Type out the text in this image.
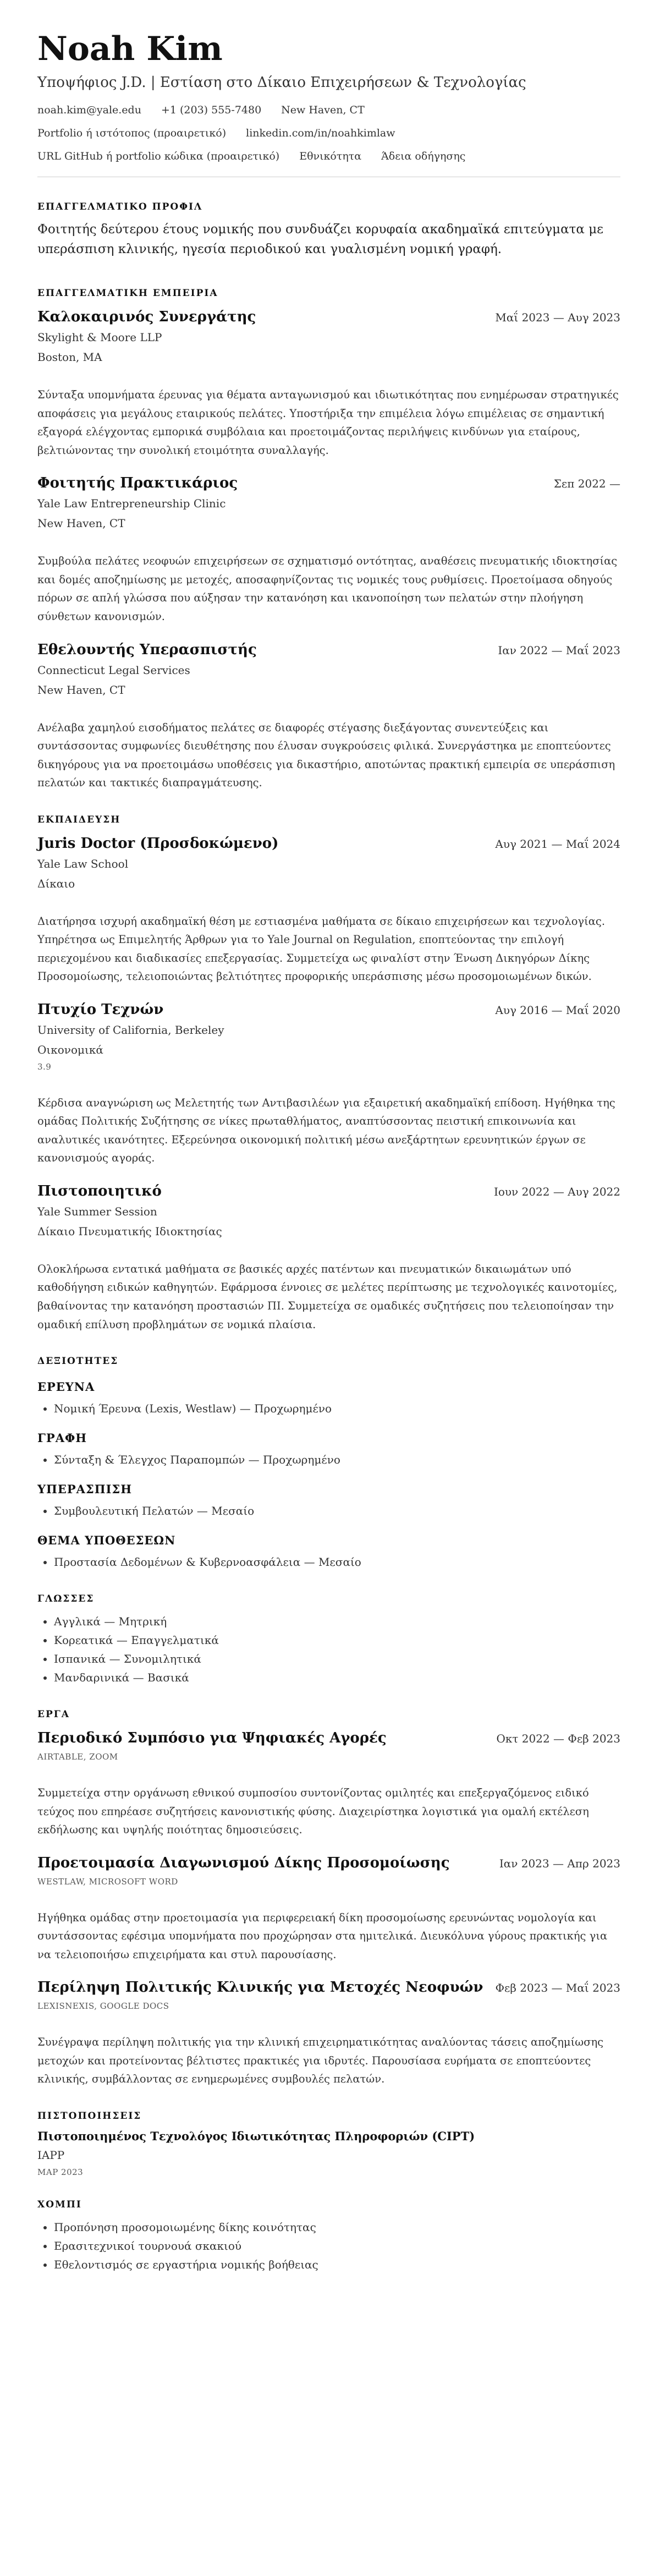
Noah Kim
Υποψήφιος J.D. | Εστίαση στο Δίκαιο Επιχειρήσεων & Τεχνολογίας
noah.kim@yale.edu +1 (203) 555-7480 New Haven, CT
Portfolio ή ιστότοπος (προαιρετικό) linkedin.com/in/noahkimlaw
URL GitHub ή portfolio κώδικα (προαιρετικό) Εθνικότητα Άδεια οδήγησης
ΕΠΑΓΓΕΛΜΑΤΙΚΟ ΠΡΟΦΙΛ
Φοιτητής δεύτερου έτους νομικής που συνδυάζει κορυφαία ακαδημαϊκά επιτεύγματα με υπεράσπιση κλινικής, ηγεσία περιοδικού και γυαλισμένη νομική γραφή.
ΕΠΑΓΓΕΛΜΑΤΙΚΗ ΕΜΠΕΙΡΙΑ
Καλοκαιρινός Συνεργάτης	Μαΐ 2023 — Αυγ 2023
Skylight & Moore LLP
Boston, MA
Σύνταξα υπομνήματα έρευνας για θέματα ανταγωνισμού και ιδιωτικότητας που ενημέρωσαν στρατηγικές αποφάσεις για μεγάλους εταιρικούς πελάτες. Υποστήριξα την επιμέλεια λόγω επιμέλειας σε σημαντική εξαγορά ελέγχοντας εμπορικά συμβόλαια και προετοιμάζοντας περιλήψεις κινδύνων για εταίρους, βελτιώνοντας την συνολική ετοιμότητα συναλλαγής.
Φοιτητής Πρακτικάριος	Σεπ 2022 —
Yale Law Entrepreneurship Clinic
New Haven, CT
Συμβούλα πελάτες νεοφυών επιχειρήσεων σε σχηματισμό οντότητας, αναθέσεις πνευματικής ιδιοκτησίας και δομές αποζημίωσης με μετοχές, αποσαφηνίζοντας τις νομικές τους ρυθμίσεις. Προετοίμασα οδηγούς πόρων σε απλή γλώσσα που αύξησαν την κατανόηση και ικανοποίηση των πελατών στην πλοήγηση σύνθετων κανονισμών.
Εθελουντής Υπερασπιστής	Ιαν 2022 — Μαΐ 2023
Connecticut Legal Services
New Haven, CT
Ανέλαβα χαμηλού εισοδήματος πελάτες σε διαφορές στέγασης διεξάγοντας συνεντεύξεις και συντάσσοντας συμφωνίες διευθέτησης που έλυσαν συγκρούσεις φιλικά. Συνεργάστηκα με εποπτεύοντες δικηγόρους για να προετοιμάσω υποθέσεις για δικαστήριο, αποτώντας πρακτική εμπειρία σε υπεράσπιση πελατών και τακτικές διαπραγμάτευσης.
ΕΚΠΑΙΔΕΥΣΗ
Juris Doctor (Προσδοκώμενο)	Αυγ 2021 — Μαΐ 2024
Yale Law School
Δίκαιο
Διατήρησα ισχυρή ακαδημαϊκή θέση με εστιασμένα μαθήματα σε δίκαιο επιχειρήσεων και τεχνολογίας. Υπηρέτησα ως Επιμελητής Άρθρων για το Yale Journal on Regulation, εποπτεύοντας την επιλογή περιεχομένου και διαδικασίες επεξεργασίας. Συμμετείχα ως φιναλίστ στην Ένωση Δικηγόρων Δίκης Προσομοίωσης, τελειοποιώντας βελτιότητες προφορικής υπεράσπισης μέσω προσομοιωμένων δικών.
Πτυχίο Τεχνών	Αυγ 2016 — Μαΐ 2020
University of California, Berkeley
Οικονομικά
3.9
Κέρδισα αναγνώριση ως Μελετητής των Αντιβασιλέων για εξαιρετική ακαδημαϊκή επίδοση. Ηγήθηκα της ομάδας Πολιτικής Συζήτησης σε νίκες πρωταθλήματος, αναπτύσσοντας πειστική επικοινωνία και αναλυτικές ικανότητες. Εξερεύνησα οικονομική πολιτική μέσω ανεξάρτητων ερευνητικών έργων σε κανονισμούς αγοράς.
Πιστοποιητικό	Ιουν 2022 — Αυγ 2022
Yale Summer Session
Δίκαιο Πνευματικής Ιδιοκτησίας
Ολοκλήρωσα εντατικά μαθήματα σε βασικές αρχές πατέντων και πνευματικών δικαιωμάτων υπό καθοδήγηση ειδικών καθηγητών. Εφάρμοσα έννοιες σε μελέτες περίπτωσης με τεχνολογικές καινοτομίες, βαθαίνοντας την κατανόηση προστασιών ΠΙ. Συμμετείχα σε ομαδικές συζητήσεις που τελειοποίησαν την ομαδική επίλυση προβλημάτων σε νομικά πλαίσια.
ΔΕΞΙΟΤΗΤΕΣ
ΕΡΕΥΝΑ
• Νομική Έρευνα (Lexis, Westlaw) — Προχωρημένο
ΓΡΑΦΗ
• Σύνταξη & Έλεγχος Παραπομπών — Προχωρημένο
ΥΠΕΡΑΣΠΙΣΗ
• Συμβουλευτική Πελατών — Μεσαίο
ΘΕΜΑ ΥΠΟΘΕΣΕΩΝ
• Προστασία Δεδομένων & Κυβερνοασφάλεια — Μεσαίο
ΓΛΩΣΣΕΣ
• Αγγλικά — Μητρική
• Κορεατικά — Επαγγελματικά
• Ισπανικά — Συνομιλητικά
• Μανδαρινικά — Βασικά
ΕΡΓΑ
Περιοδικό Συμπόσιο για Ψηφιακές Αγορές	Οκτ 2022 — Φεβ 2023
AIRTABLE, ZOOM
Συμμετείχα στην οργάνωση εθνικού συμποσίου συντονίζοντας ομιλητές και επεξεργαζόμενος ειδικό τεύχος που επηρέασε συζητήσεις κανονιστικής φύσης. Διαχειρίστηκα λογιστικά για ομαλή εκτέλεση εκδήλωσης και υψηλής ποιότητας δημοσιεύσεις.
Προετοιμασία Διαγωνισμού Δίκης Προσομοίωσης	Ιαν 2023 — Απρ 2023
WESTLAW, MICROSOFT WORD
Ηγήθηκα ομάδας στην προετοιμασία για περιφερειακή δίκη προσομοίωσης ερευνώντας νομολογία και συντάσσοντας εφέσιμα υπομνήματα που προχώρησαν στα ημιτελικά. Διευκόλυνα γύρους πρακτικής για να τελειοποιήσω επιχειρήματα και στυλ παρουσίασης.
Περίληψη Πολιτικής Κλινικής για Μετοχές Νεοφυών Φεβ 2023 — Μαΐ 2023
LEXISNEXIS, GOOGLE DOCS
Συνέγραψα περίληψη πολιτικής για την κλινική επιχειρηματικότητας αναλύοντας τάσεις αποζημίωσης μετοχών και προτείνοντας βέλτιστες πρακτικές για ιδρυτές. Παρουσίασα ευρήματα σε εποπτεύοντες κλινικής, συμβάλλοντας σε ενημερωμένες συμβουλές πελατών.
ΠΙΣΤΟΠΟΙΗΣΕΙΣ
Πιστοποιημένος Τεχνολόγος Ιδιωτικότητας Πληροφοριών (CIPT)
IAPP
MAP 2023
ΧΟΜΠΙ
• Προπόνηση προσομοιωμένης δίκης κοινότητας
• Ερασιτεχνικοί τουρνουά σκακιού
• Εθελοντισμός σε εργαστήρια νομικής βοήθειας
